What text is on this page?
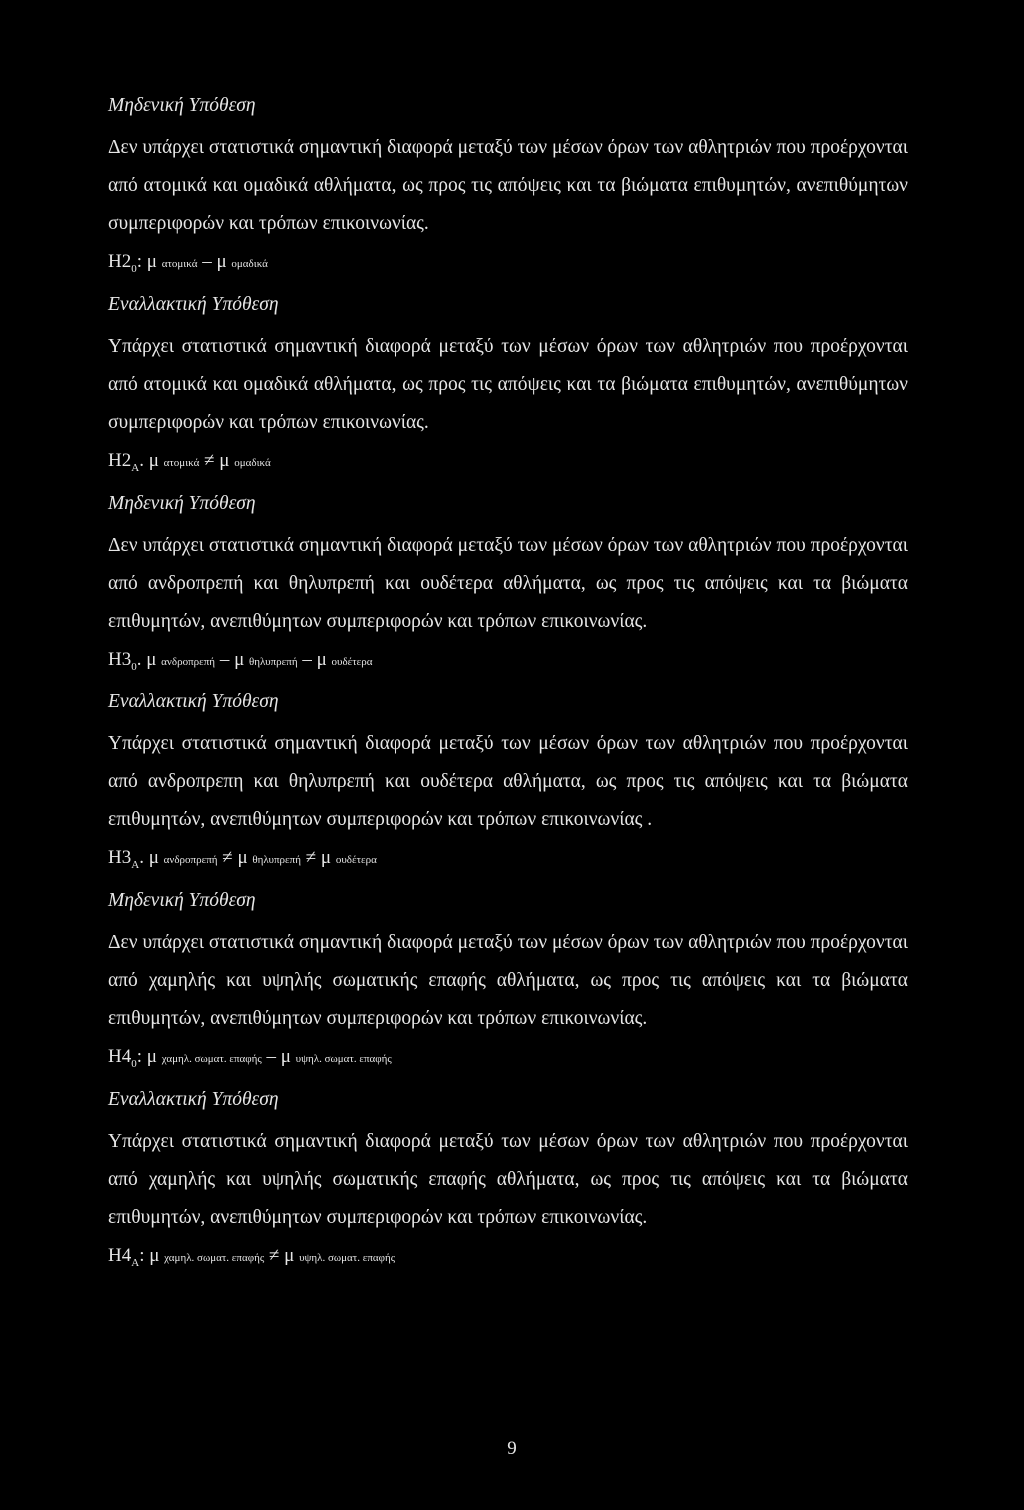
Μηδενική Υπόθεση

Δεν υπάρχει στατιστικά σημαντική διαφορά μεταξύ των μέσων όρων των αθλητριών που προέρχονται από ατομικά και ομαδικά αθλήματα, ως προς τις απόψεις και τα βιώματα επιθυμητών, ανεπιθύμητων συμπεριφορών και τρόπων επικοινωνίας.

$H2_0$: μ ατομικά – μ ομαδικά

Εναλλακτική Υπόθεση

Υπάρχει στατιστικά σημαντική διαφορά μεταξύ των μέσων όρων των αθλητριών που προέρχονται από ατομικά και ομαδικά αθλήματα, ως προς τις απόψεις και τα βιώματα επιθυμητών, ανεπιθύμητων συμπεριφορών και τρόπων επικοινωνίας.

$H2_A$. μ ατομικά ≠ μ ομαδικά

Μηδενική Υπόθεση

Δεν υπάρχει στατιστικά σημαντική διαφορά μεταξύ των μέσων όρων των αθλητριών που προέρχονται από ανδροπρεπή και θηλυπρεπή και ουδέτερα αθλήματα, ως προς τις απόψεις και τα βιώματα επιθυμητών, ανεπιθύμητων συμπεριφορών και τρόπων επικοινωνίας.

$H3_0$. μ ανδροπρεπή – μ θηλυπρεπή – μ ουδέτερα

Εναλλακτική Υπόθεση

Υπάρχει στατιστικά σημαντική διαφορά μεταξύ των μέσων όρων των αθλητριών που προέρχονται από ανδροπρεπη και θηλυπρεπή και ουδέτερα αθλήματα, ως προς τις απόψεις και τα βιώματα επιθυμητών, ανεπιθύμητων συμπεριφορών και τρόπων επικοινωνίας .

$H3_A$. μ ανδροπρεπή ≠ μ θηλυπρεπή ≠ μ ουδέτερα

Μηδενική Υπόθεση

Δεν υπάρχει στατιστικά σημαντική διαφορά μεταξύ των μέσων όρων των αθλητριών που προέρχονται από χαμηλής και υψηλής σωματικής επαφής αθλήματα, ως προς τις απόψεις και τα βιώματα επιθυμητών, ανεπιθύμητων συμπεριφορών και τρόπων επικοινωνίας.

$H4_0$: μ χαμηλ. σωματ. επαφής – μ υψηλ. σωματ. επαφής

Εναλλακτική Υπόθεση

Υπάρχει στατιστικά σημαντική διαφορά μεταξύ των μέσων όρων των αθλητριών που προέρχονται από χαμηλής και υψηλής σωματικής επαφής αθλήματα, ως προς τις απόψεις και τα βιώματα επιθυμητών, ανεπιθύμητων συμπεριφορών και τρόπων επικοινωνίας.

$H4_A$: μ χαμηλ. σωματ. επαφής ≠ μ υψηλ. σωματ. επαφής
9
